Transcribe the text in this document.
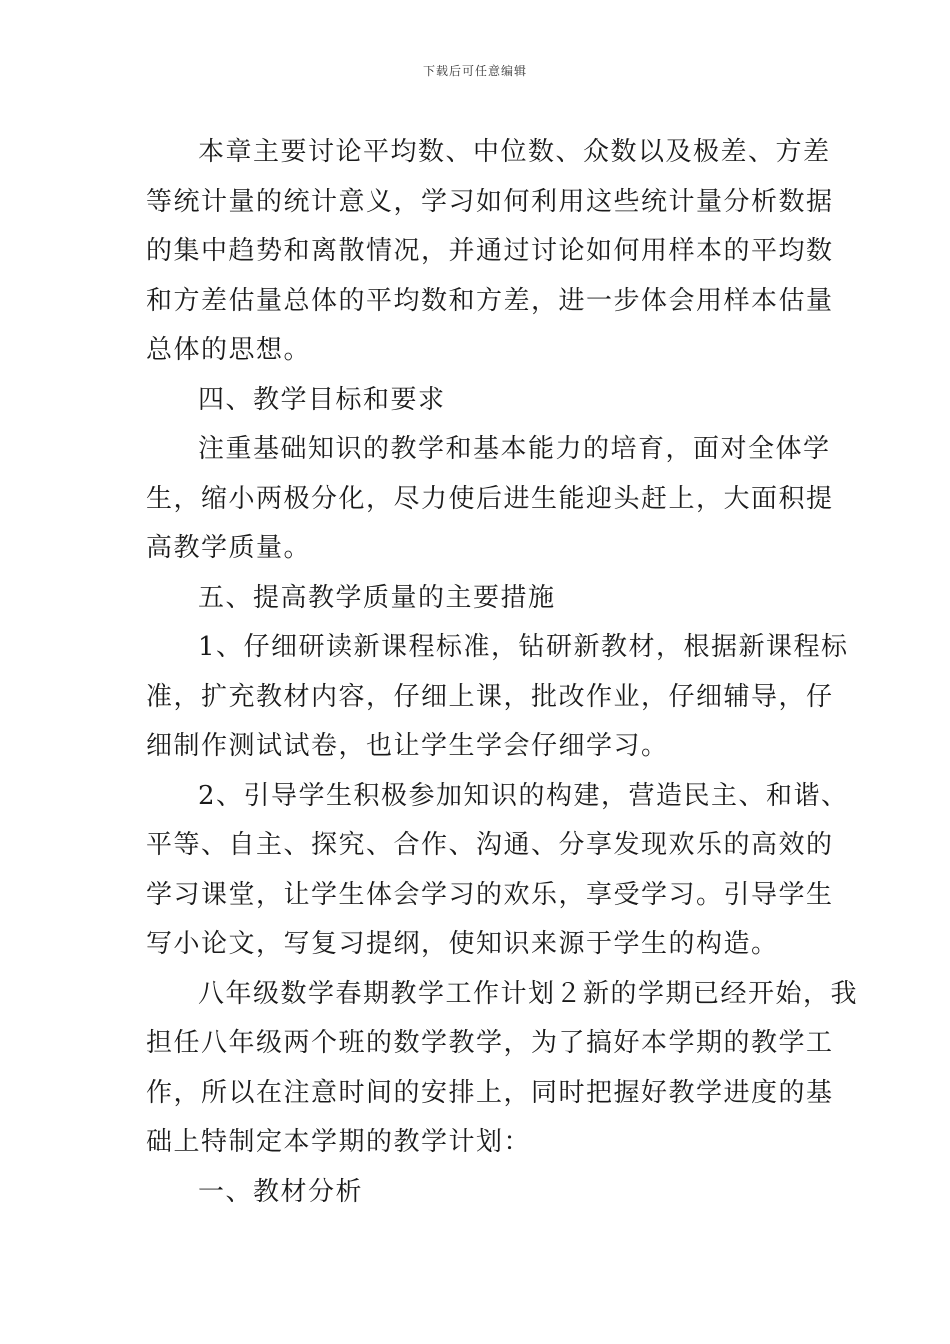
下载后可任意编辑
本章主要讨论平均数、中位数、众数以及极差、方差
等统计量的统计意义，学习如何利用这些统计量分析数据
的集中趋势和离散情况，并通过讨论如何用样本的平均数
和方差估量总体的平均数和方差，进一步体会用样本估量
总体的思想。
四、教学目标和要求
注重基础知识的教学和基本能力的培育，面对全体学
生，缩小两极分化，尽力使后进生能迎头赶上，大面积提
高教学质量。
五、提高教学质量的主要措施
1、仔细研读新课程标准，钻研新教材，根据新课程标
准，扩充教材内容，仔细上课，批改作业，仔细辅导，仔
细制作测试试卷，也让学生学会仔细学习。
2、引导学生积极参加知识的构建，营造民主、和谐、
平等、自主、探究、合作、沟通、分享发现欢乐的高效的
学习课堂，让学生体会学习的欢乐，享受学习。引导学生
写小论文，写复习提纲，使知识来源于学生的构造。
八年级数学春期教学工作计划２新的学期已经开始，我
担任八年级两个班的数学教学，为了搞好本学期的教学工
作，所以在注意时间的安排上，同时把握好教学进度的基
础上特制定本学期的教学计划：
一、教材分析
